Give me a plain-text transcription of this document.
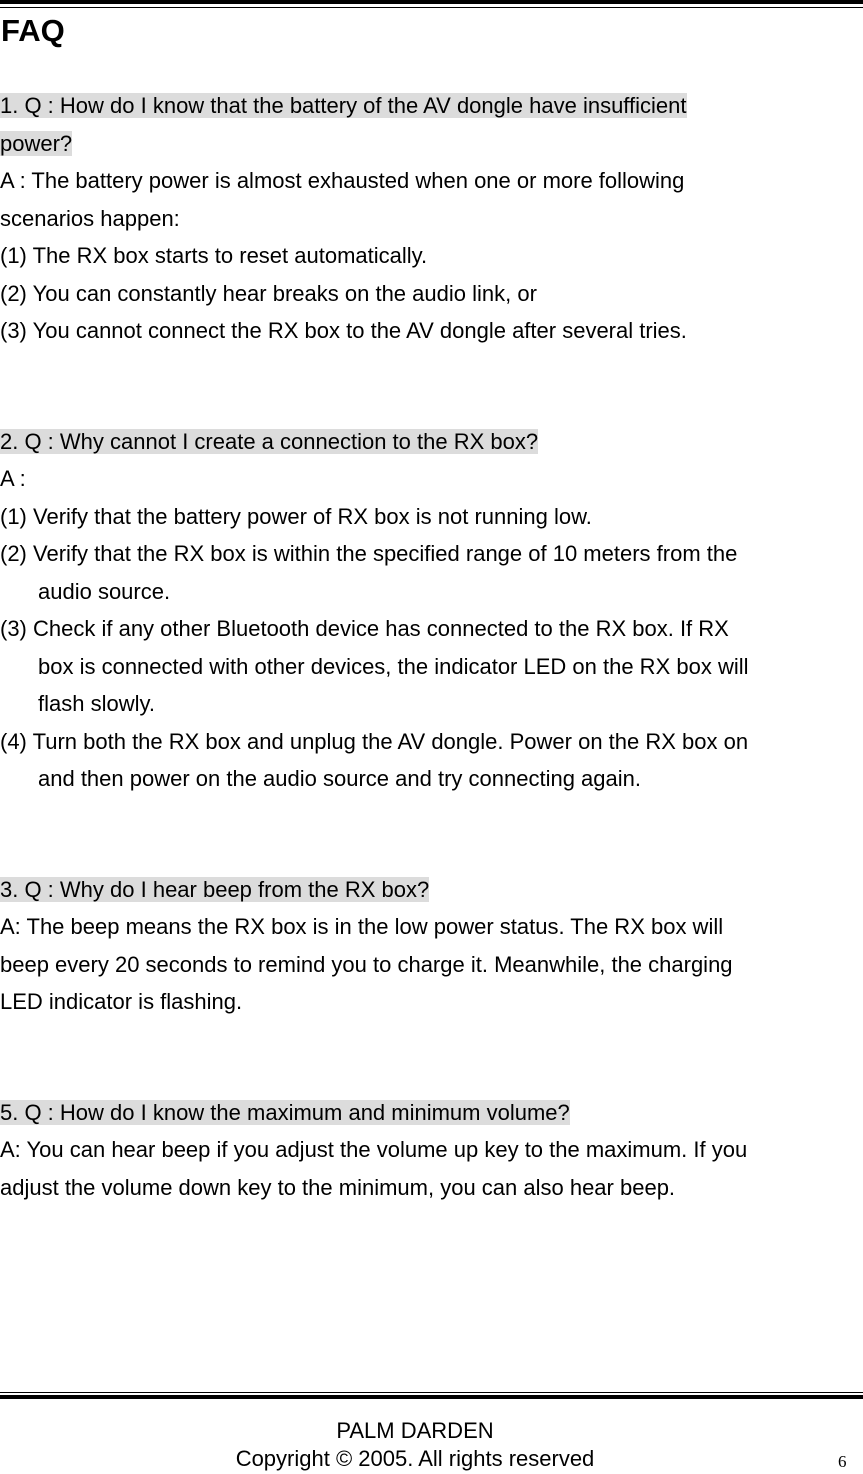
FAQ
1. Q : How do I know that the battery of the AV dongle have insufficient
power?
A : The battery power is almost exhausted when one or more following
scenarios happen:
(1) The RX box starts to reset automatically.
(2) You can constantly hear breaks on the audio link, or
(3) You cannot connect the RX box to the AV dongle after several tries.
2. Q : Why cannot I create a connection to the RX box?
A :
(1) Verify that the battery power of RX box is not running low.
(2) Verify that the RX box is within the specified range of 10 meters from the
audio source.
(3) Check if any other Bluetooth device has connected to the RX box. If RX
box is connected with other devices, the indicator LED on the RX box will
flash slowly.
(4) Turn both the RX box and unplug the AV dongle. Power on the RX box on
and then power on the audio source and try connecting again.
3. Q : Why do I hear beep from the RX box?
A: The beep means the RX box is in the low power status. The RX box will
beep every 20 seconds to remind you to charge it. Meanwhile, the charging
LED indicator is flashing.
5. Q : How do I know the maximum and minimum volume?
A: You can hear beep if you adjust the volume up key to the maximum. If you
adjust the volume down key to the minimum, you can also hear beep.
PALM DARDEN
Copyright © 2005. All rights reserved	6
